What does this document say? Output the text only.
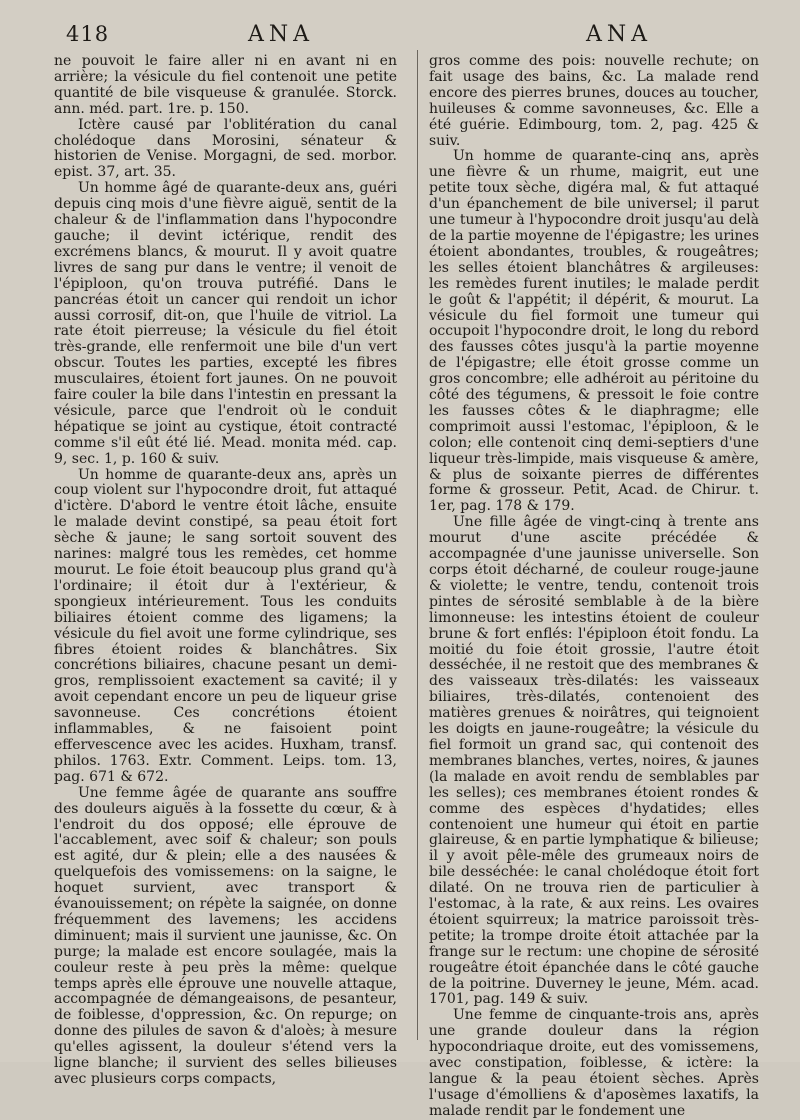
418	ANA	ANA

ne pouvoit le faire aller ni en avant ni en arrière; la vésicule du fiel contenoit une petite quantité de bile visqueuse & granulée. Storck. ann. méd. part. 1re. p. 150.

Ictère causé par l'oblitération du canal cholédoque dans Morosini, sénateur & historien de Venise. Morgagni, de sed. morbor. epist. 37, art. 35.

Un homme âgé de quarante-deux ans, guéri depuis cinq mois d'une fièvre aiguë, sentit de la chaleur & de l'inflammation dans l'hypocondre gauche; il devint ictérique, rendit des excrémens blancs, & mourut. Il y avoit quatre livres de sang pur dans le ventre; il venoit de l'épiploon, qu'on trouva putréfié. Dans le pancréas étoit un cancer qui rendoit un ichor aussi corrosif, dit-on, que l'huile de vitriol. La rate étoit pierreuse; la vésicule du fiel étoit très-grande, elle renfermoit une bile d'un vert obscur. Toutes les parties, excepté les fibres musculaires, étoient fort jaunes. On ne pouvoit faire couler la bile dans l'intestin en pressant la vésicule, parce que l'endroit où le conduit hépatique se joint au cystique, étoit contracté comme s'il eût été lié. Mead. monita méd. cap. 9, sec. 1, p. 160 & suiv.

Un homme de quarante-deux ans, après un coup violent sur l'hypocondre droit, fut attaqué d'ictère. D'abord le ventre étoit lâche, ensuite le malade devint constipé, sa peau étoit fort sèche & jaune; le sang sortoit souvent des narines: malgré tous les remèdes, cet homme mourut. Le foie étoit beaucoup plus grand qu'à l'ordinaire; il étoit dur à l'extérieur, & spongieux intérieurement. Tous les conduits biliaires étoient comme des ligamens; la vésicule du fiel avoit une forme cylindrique, ses fibres étoient roides & blanchâtres. Six concrétions biliaires, chacune pesant un demi-gros, remplissoient exactement sa cavité; il y avoit cependant encore un peu de liqueur grise savonneuse. Ces concrétions étoient inflammables, & ne faisoient point effervescence avec les acides. Huxham, transf. philos. 1763. Extr. Comment. Leips. tom. 13, pag. 671 & 672.

Une femme âgée de quarante ans souffre des douleurs aiguës à la fossette du cœur, & à l'endroit du dos opposé; elle éprouve de l'accablement, avec soif & chaleur; son pouls est agité, dur & plein; elle a des nausées & quelquefois des vomissemens: on la saigne, le hoquet survient, avec transport & évanouissement; on répète la saignée, on donne fréquemment des lavemens; les accidens diminuent; mais il survient une jaunisse, &c. On purge; la malade est encore soulagée, mais la couleur reste à peu près la même: quelque temps après elle éprouve une nouvelle attaque, accompagnée de démangeaisons, de pesanteur, de foiblesse, d'oppression, &c. On repurge; on donne des pilules de savon & d'aloès; à mesure qu'elles agissent, la douleur s'étend vers la ligne blanche; il survient des selles bilieuses avec plusieurs corps compacts,

gros comme des pois: nouvelle rechute; on fait usage des bains, &c. La malade rend encore des pierres brunes, douces au toucher, huileuses & comme savonneuses, &c. Elle a été guérie. Edimbourg, tom. 2, pag. 425 & suiv.

Un homme de quarante-cinq ans, après une fièvre & un rhume, maigrit, eut une petite toux sèche, digéra mal, & fut attaqué d'un épanchement de bile universel; il parut une tumeur à l'hypocondre droit jusqu'au delà de la partie moyenne de l'épigastre; les urines étoient abondantes, troubles, & rougeâtres; les selles étoient blanchâtres & argileuses: les remèdes furent inutiles; le malade perdit le goût & l'appétit; il dépérit, & mourut. La vésicule du fiel formoit une tumeur qui occupoit l'hypocondre droit, le long du rebord des fausses côtes jusqu'à la partie moyenne de l'épigastre; elle étoit grosse comme un gros concombre; elle adhéroit au péritoine du côté des tégumens, & pressoit le foie contre les fausses côtes & le diaphragme; elle comprimoit aussi l'estomac, l'épiploon, & le colon; elle contenoit cinq demi-septiers d'une liqueur très-limpide, mais visqueuse & amère, & plus de soixante pierres de différentes forme & grosseur. Petit, Acad. de Chirur. t. 1er, pag. 178 & 179.

Une fille âgée de vingt-cinq à trente ans mourut d'une ascite précédée & accompagnée d'une jaunisse universelle. Son corps étoit décharné, de couleur rouge-jaune & violette; le ventre, tendu, contenoit trois pintes de sérosité semblable à de la bière limonneuse: les intestins étoient de couleur brune & fort enflés: l'épiploon étoit fondu. La moitié du foie étoit grossie, l'autre étoit desséchée, il ne restoit que des membranes & des vaisseaux très-dilatés: les vaisseaux biliaires, très-dilatés, contenoient des matières grenues & noirâtres, qui teignoient les doigts en jaune-rougeâtre; la vésicule du fiel formoit un grand sac, qui contenoit des membranes blanches, vertes, noires, & jaunes (la malade en avoit rendu de semblables par les selles); ces membranes étoient rondes & comme des espèces d'hydatides; elles contenoient une humeur qui étoit en partie glaireuse, & en partie lymphatique & bilieuse; il y avoit pêle-mêle des grumeaux noirs de bile desséchée: le canal cholédoque étoit fort dilaté. On ne trouva rien de particulier à l'estomac, à la rate, & aux reins. Les ovaires étoient squirreux; la matrice paroissoit très-petite; la trompe droite étoit attachée par la frange sur le rectum: une chopine de sérosité rougeâtre étoit épanchée dans le côté gauche de la poitrine. Duverney le jeune, Mém. acad. 1701, pag. 149 & suiv.

Une femme de cinquante-trois ans, après une grande douleur dans la région hypocondriaque droite, eut des vomissemens, avec constipation, foiblesse, & ictère: la langue & la peau étoient sèches. Après l'usage d'émolliens & d'aposèmes laxatifs, la malade rendit par le fondement une
